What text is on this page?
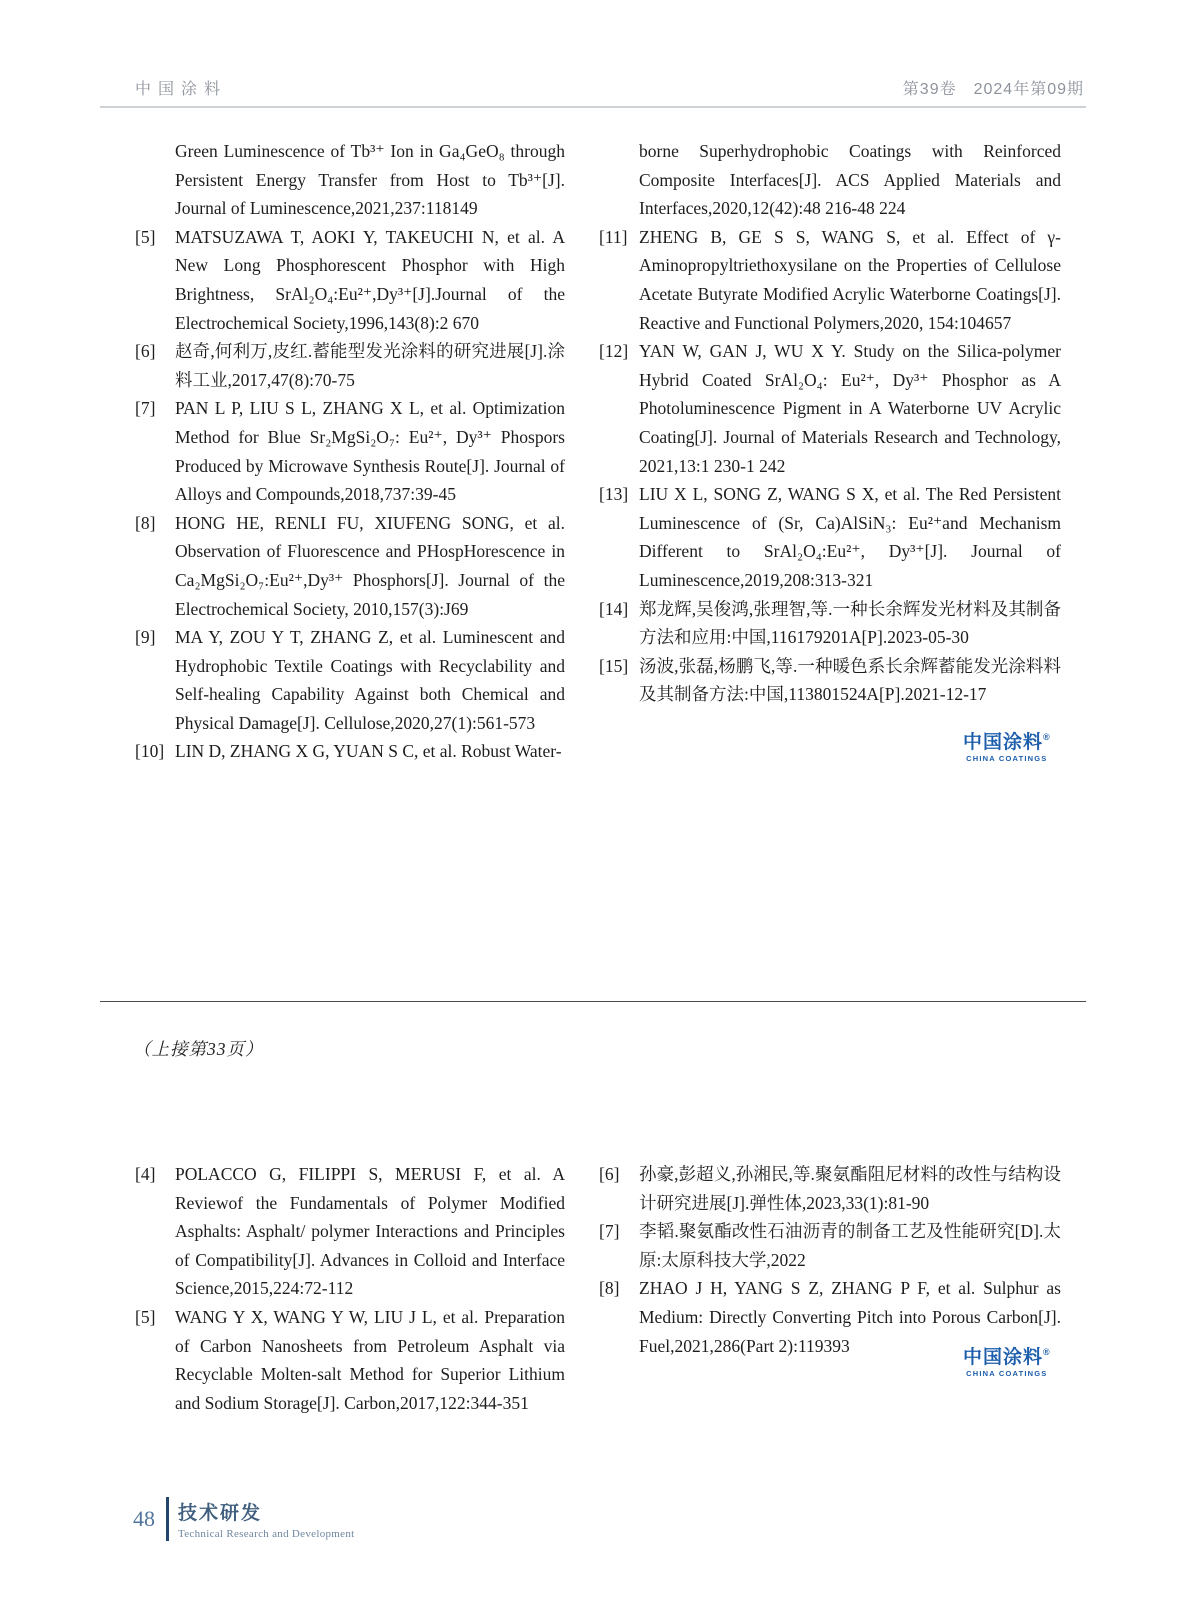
中国涂料	第39卷　2024年第09期
Green Luminescence of Tb³⁺ Ion in Ga₄GeO₈ through Persistent Energy Transfer from Host to Tb³⁺[J]. Journal of Luminescence,2021,237:118149
[5] MATSUZAWA T, AOKI Y, TAKEUCHI N, et al. A New Long Phosphorescent Phosphor with High Brightness, SrAl₂O₄:Eu²⁺,Dy³⁺[J].Journal of the Electrochemical Society,1996,143(8):2 670
[6] 赵奇,何利万,皮红.蓄能型发光涂料的研究进展[J].涂料工业,2017,47(8):70-75
[7] PAN L P, LIU S L, ZHANG X L, et al. Optimization Method for Blue Sr₂MgSi₂O₇: Eu²⁺, Dy³⁺ Phospors Produced by Microwave Synthesis Route[J]. Journal of Alloys and Compounds,2018,737:39-45
[8] HONG HE, RENLI FU, XIUFENG SONG, et al. Observation of Fluorescence and PHospHorescence in Ca₂MgSi₂O₇:Eu²⁺,Dy³⁺ Phosphors[J]. Journal of the Electrochemical Society, 2010,157(3):J69
[9] MA Y, ZOU Y T, ZHANG Z, et al. Luminescent and Hydrophobic Textile Coatings with Recyclability and Self-healing Capability Against both Chemical and Physical Damage[J]. Cellulose,2020,27(1):561-573
[10] LIN D, ZHANG X G, YUAN S C, et al. Robust Water-
borne Superhydrophobic Coatings with Reinforced Composite Interfaces[J]. ACS Applied Materials and Interfaces,2020,12(42):48 216-48 224
[11] ZHENG B, GE S S, WANG S, et al. Effect of γ-Aminopropyltriethoxysilane on the Properties of Cellulose Acetate Butyrate Modified Acrylic Waterborne Coatings[J]. Reactive and Functional Polymers,2020, 154:104657
[12] YAN W, GAN J, WU X Y. Study on the Silica-polymer Hybrid Coated SrAl₂O₄: Eu²⁺, Dy³⁺ Phosphor as A Photoluminescence Pigment in A Waterborne UV Acrylic Coating[J]. Journal of Materials Research and Technology, 2021,13:1 230-1 242
[13] LIU X L, SONG Z, WANG S X, et al. The Red Persistent Luminescence of (Sr, Ca)AlSiN₃: Eu²⁺and Mechanism Different to SrAl₂O₄:Eu²⁺, Dy³⁺[J]. Journal of Luminescence,2019,208:313-321
[14] 郑龙辉,吴俊鸿,张理智,等.一种长余辉发光材料及其制备方法和应用:中国,116179201A[P].2023-05-30
[15] 汤波,张磊,杨鹏飞,等.一种暖色系长余辉蓄能发光涂料料及其制备方法:中国,113801524A[P].2021-12-17
中国涂料®
CHINA COATINGS
（上接第33页）
[4] POLACCO G, FILIPPI S, MERUSI F, et al. A Reviewof the Fundamentals of Polymer Modified Asphalts: Asphalt/ polymer Interactions and Principles of Compatibility[J]. Advances in Colloid and Interface Science,2015,224:72-112
[5] WANG Y X, WANG Y W, LIU J L, et al. Preparation of Carbon Nanosheets from Petroleum Asphalt via Recyclable Molten-salt Method for Superior Lithium and Sodium Storage[J]. Carbon,2017,122:344-351
[6] 孙豪,彭超义,孙湘民,等.聚氨酯阻尼材料的改性与结构设计研究进展[J].弹性体,2023,33(1):81-90
[7] 李韬.聚氨酯改性石油沥青的制备工艺及性能研究[D].太原:太原科技大学,2022
[8] ZHAO J H, YANG S Z, ZHANG P F, et al. Sulphur as Medium: Directly Converting Pitch into Porous Carbon[J]. Fuel,2021,286(Part 2):119393
中国涂料®
CHINA COATINGS
48 技术研发
Technical Research and Development
